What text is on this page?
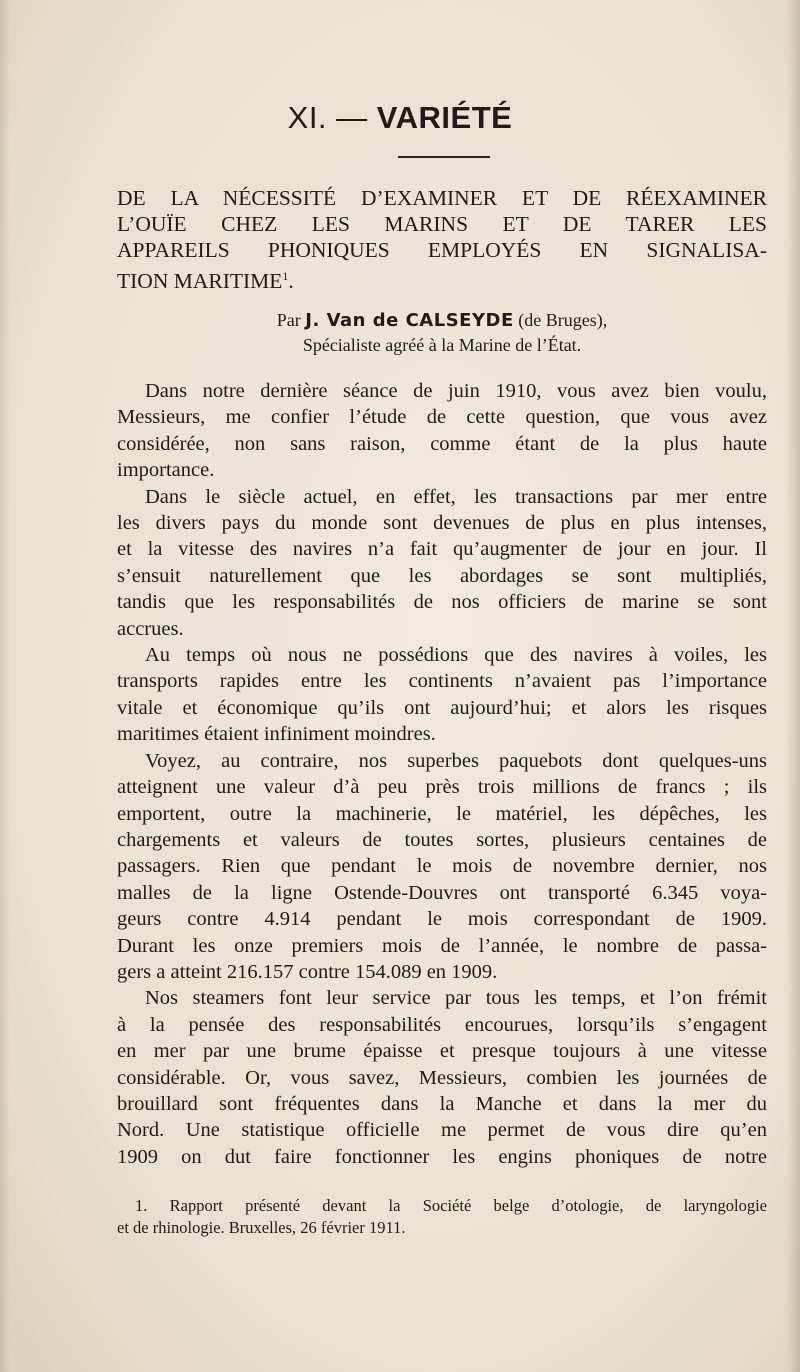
XI. — VARIÉTÉ
DE LA NÉCESSITÉ D’EXAMINER ET DE RÉEXAMINER
L’OUÏE CHEZ LES MARINS ET DE TARER LES
APPAREILS PHONIQUES EMPLOYÉS EN SIGNALISA-
TION MARITIME$^1$.
Par J. Van de CALSEYDE (de Bruges),
Spécialiste agréé à la Marine de l’État.
Dans notre dernière séance de juin 1910, vous avez bien voulu,
Messieurs, me confier l’étude de cette question, que vous avez
considérée, non sans raison, comme étant de la plus haute
importance.
Dans le siècle actuel, en effet, les transactions par mer entre
les divers pays du monde sont devenues de plus en plus intenses,
et la vitesse des navires n’a fait qu’augmenter de jour en jour. Il
s’ensuit naturellement que les abordages se sont multipliés,
tandis que les responsabilités de nos officiers de marine se sont
accrues.
Au temps où nous ne possédions que des navires à voiles, les
transports rapides entre les continents n’avaient pas l’importance
vitale et économique qu’ils ont aujourd’hui; et alors les risques
maritimes étaient infiniment moindres.
Voyez, au contraire, nos superbes paquebots dont quelques-uns
atteignent une valeur d’à peu près trois millions de francs ; ils
emportent, outre la machinerie, le matériel, les dépêches, les
chargements et valeurs de toutes sortes, plusieurs centaines de
passagers. Rien que pendant le mois de novembre dernier, nos
malles de la ligne Ostende-Douvres ont transporté 6.345 voya-
geurs contre 4.914 pendant le mois correspondant de 1909.
Durant les onze premiers mois de l’année, le nombre de passa-
gers a atteint 216.157 contre 154.089 en 1909.
Nos steamers font leur service par tous les temps, et l’on frémit
à la pensée des responsabilités encourues, lorsqu’ils s’engagent
en mer par une brume épaisse et presque toujours à une vitesse
considérable. Or, vous savez, Messieurs, combien les journées de
brouillard sont fréquentes dans la Manche et dans la mer du
Nord. Une statistique officielle me permet de vous dire qu’en
1909 on dut faire fonctionner les engins phoniques de notre
1. Rapport présenté devant la Société belge d’otologie, de laryngologie
et de rhinologie. Bruxelles, 26 février 1911.
